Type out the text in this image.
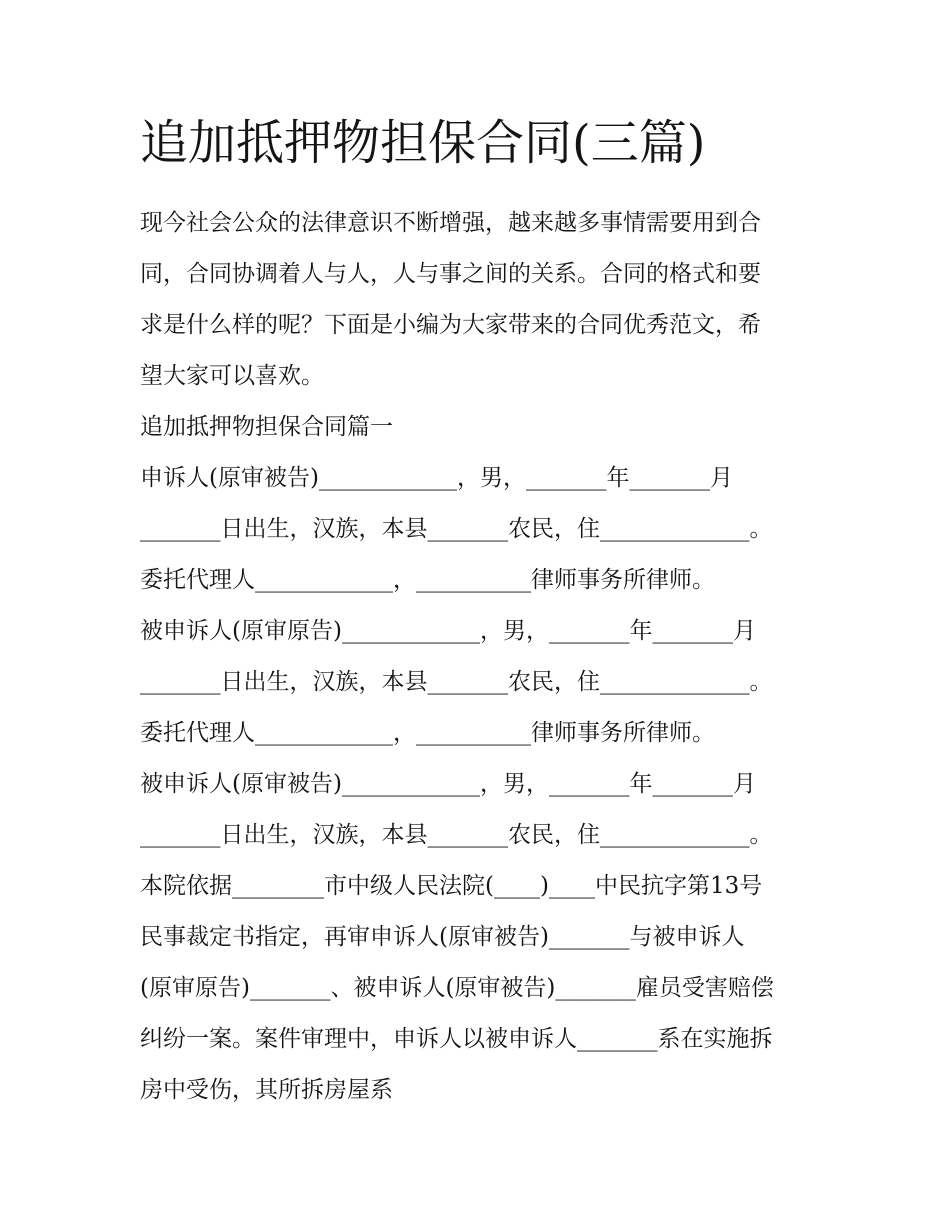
追加抵押物担保合同(三篇)

现今社会公众的法律意识不断增强，越来越多事情需要用到合

同，合同协调着人与人，人与事之间的关系。合同的格式和要

求是什么样的呢？下面是小编为大家带来的合同优秀范文，希

望大家可以喜欢。

追加抵押物担保合同篇一

申诉人(原审被告)____________，男，_______年_______月

_______日出生，汉族，本县_______农民，住_____________。

委托代理人____________，__________律师事务所律师。

被申诉人(原审原告)____________，男，_______年_______月

_______日出生，汉族，本县_______农民，住_____________。

委托代理人____________，__________律师事务所律师。

被申诉人(原审被告)____________，男，_______年_______月

_______日出生，汉族，本县_______农民，住_____________。

本院依据________市中级人民法院(____)____中民抗字第13号

民事裁定书指定，再审申诉人(原审被告)_______与被申诉人

(原审原告)_______、被申诉人(原审被告)_______雇员受害赔偿

纠纷一案。案件审理中，申诉人以被申诉人_______系在实施拆

房中受伤，其所拆房屋系
